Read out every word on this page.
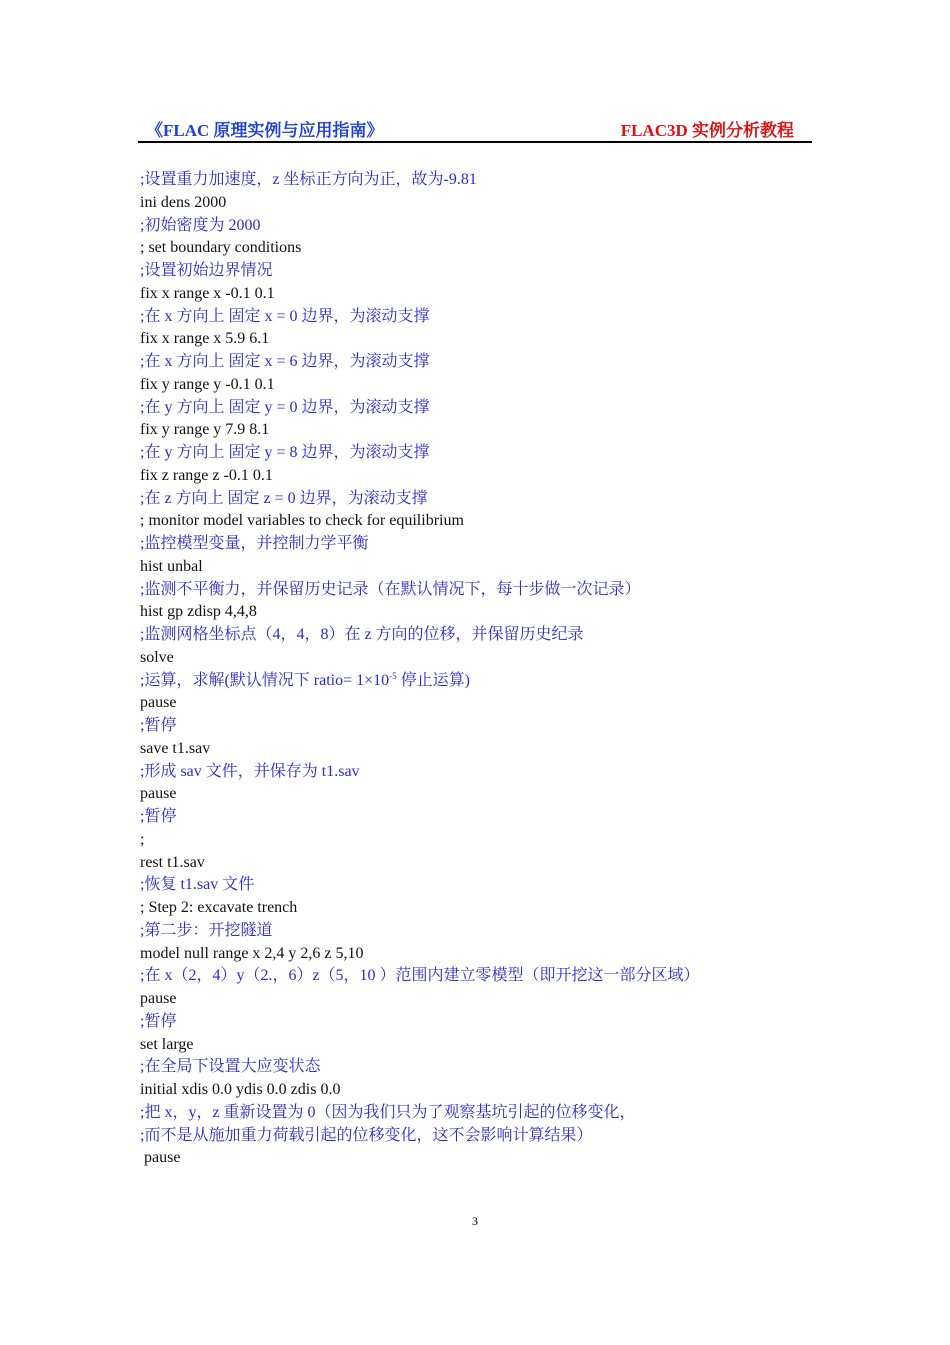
《FLAC 原理实例与应用指南》	FLAC3D 实例分析教程
;设置重力加速度，z 坐标正方向为正，故为-9.81
ini dens 2000
;初始密度为 2000
; set boundary conditions
;设置初始边界情况
fix x range x -0.1 0.1
;在 x 方向上 固定 x = 0 边界，为滚动支撑
fix x range x 5.9 6.1
;在 x 方向上 固定 x = 6 边界，为滚动支撑
fix y range y -0.1 0.1
;在 y 方向上 固定 y = 0 边界，为滚动支撑
fix y range y 7.9 8.1
;在 y 方向上 固定 y = 8 边界，为滚动支撑
fix z range z -0.1 0.1
;在 z 方向上 固定 z = 0 边界，为滚动支撑
; monitor model variables to check for equilibrium
;监控模型变量，并控制力学平衡
hist unbal
;监测不平衡力，并保留历史记录（在默认情况下，每十步做一次记录）
hist gp zdisp 4,4,8
;监测网格坐标点（4，4，8）在 z 方向的位移，并保留历史纪录
solve
;运算，求解(默认情况下 ratio= $1\times 10^{-5}$ 停止运算)
pause
;暂停
save t1.sav
;形成 sav 文件，并保存为 t1.sav
pause
;暂停
;
rest t1.sav
;恢复 t1.sav 文件
; Step 2: excavate trench
;第二步：开挖隧道
model null range x 2,4 y 2,6 z 5,10
;在 x（2，4）y（2.，6）z（5，10 ）范围内建立零模型（即开挖这一部分区域）
pause
;暂停
set large
;在全局下设置大应变状态
initial xdis 0.0 ydis 0.0 zdis 0.0
;把 x，y，z 重新设置为 0（因为我们只为了观察基坑引起的位移变化，
;而不是从施加重力荷载引起的位移变化，这不会影响计算结果）
pause
3
